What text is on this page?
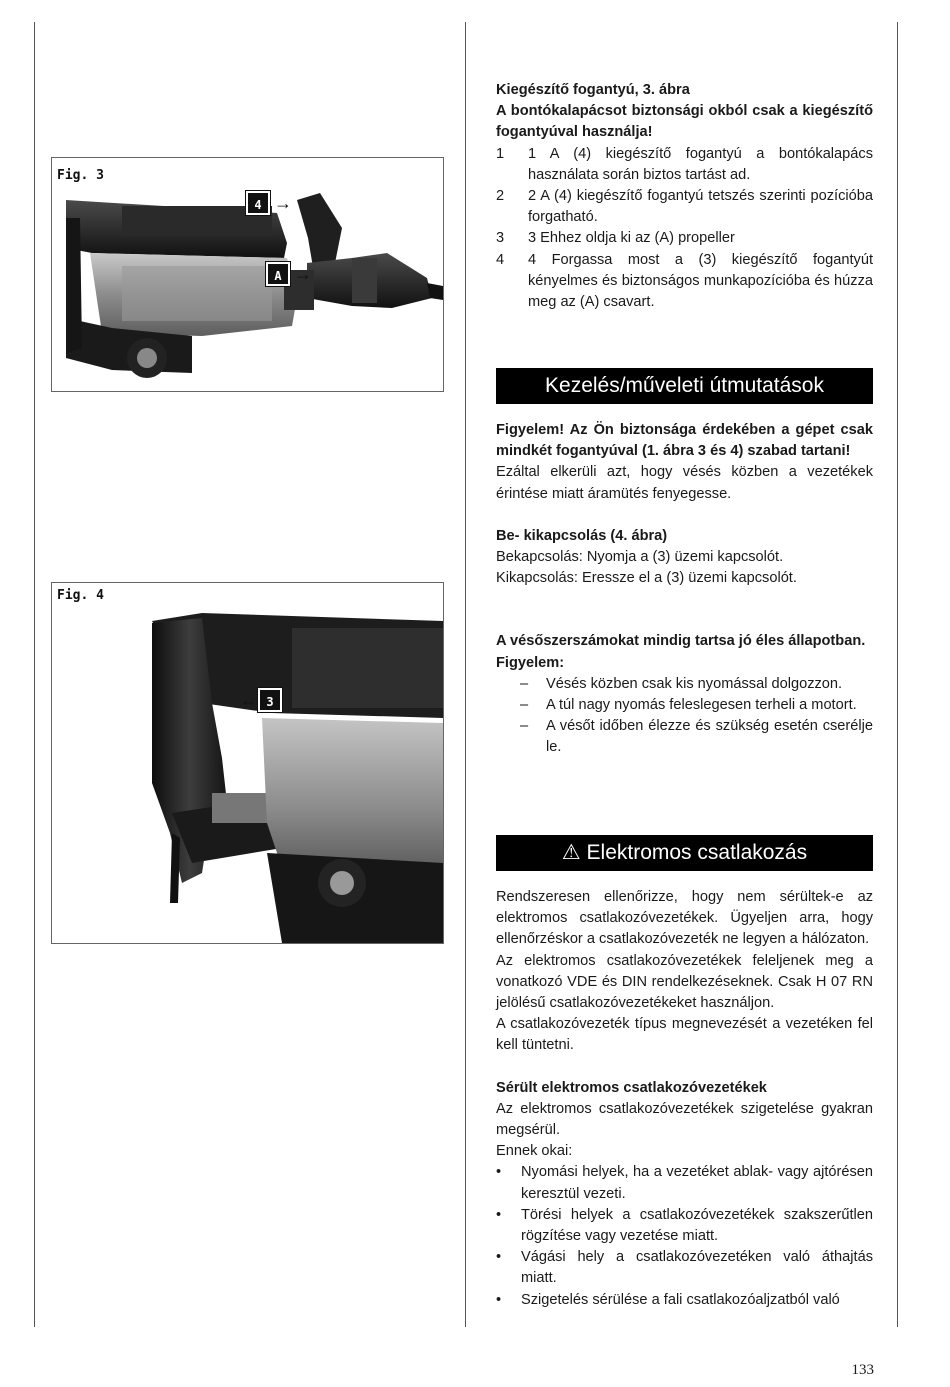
Fig. 3
4 →
A →
Fig. 4
← 3

Kiegészítő fogantyú, 3. ábra

A bontókalapácsot biztonsági okból csak a kiegészítő fogantyúval használja!

1	1 A (4) kiegészítő fogantyú a bontókalapács használata során biztos tartást ad.
2	2 A (4) kiegészítő fogantyú tetszés szerinti pozícióba forgatható.
3	3 Ehhez oldja ki az (A) propeller
4	4 Forgassa most a (3) kiegészítő fogantyút kényelmes és biztonságos munkapozícióba és húzza meg az (A) csavart.
Kezelés/műveleti útmutatások

Figyelem! Az Ön biztonsága érdekében a gépet csak mindkét fogantyúval (1. ábra 3 és 4) szabad tartani!

Ezáltal elkerüli azt, hogy vésés közben a vezetékek érintése miatt áramütés fenyegesse.

Be- kikapcsolás (4. ábra)

Bekapcsolás: Nyomja a (3) üzemi kapcsolót.

Kikapcsolás: Eressze el a (3) üzemi kapcsolót.

A vésőszerszámokat mindig tartsa jó éles állapotban.

Figyelem:

–	Vésés közben csak kis nyomással dolgozzon.
–	A túl nagy nyomás feleslegesen terheli a motort.
–	A vésőt időben élezze és szükség esetén cserélje le.
⚠ Elektromos csatlakozás

Rendszeresen ellenőrizze, hogy nem sérültek-e az elektromos csatlakozóvezetékek. Ügyeljen arra, hogy ellenőrzéskor a csatlakozóvezeték ne legyen a hálózaton.

Az elektromos csatlakozóvezetékek feleljenek meg a vonatkozó VDE és DIN rendelkezéseknek. Csak H 07 RN jelölésű csatlakozóvezetékeket használjon.

A csatlakozóvezeték típus megnevezését a vezetéken fel kell tüntetni.

Sérült elektromos csatlakozóvezetékek

Az elektromos csatlakozóvezetékek szigetelése gyakran megsérül.

Ennek okai:

•	Nyomási helyek, ha a vezetéket ablak- vagy ajtórésen keresztül vezeti.
•	Törési helyek a csatlakozóvezetékek szakszerűtlen rögzítése vagy vezetése miatt.
•	Vágási hely a csatlakozóvezetéken való áthajtás miatt.
•	Szigetelés sérülése a fali csatlakozóaljzatból való
133
